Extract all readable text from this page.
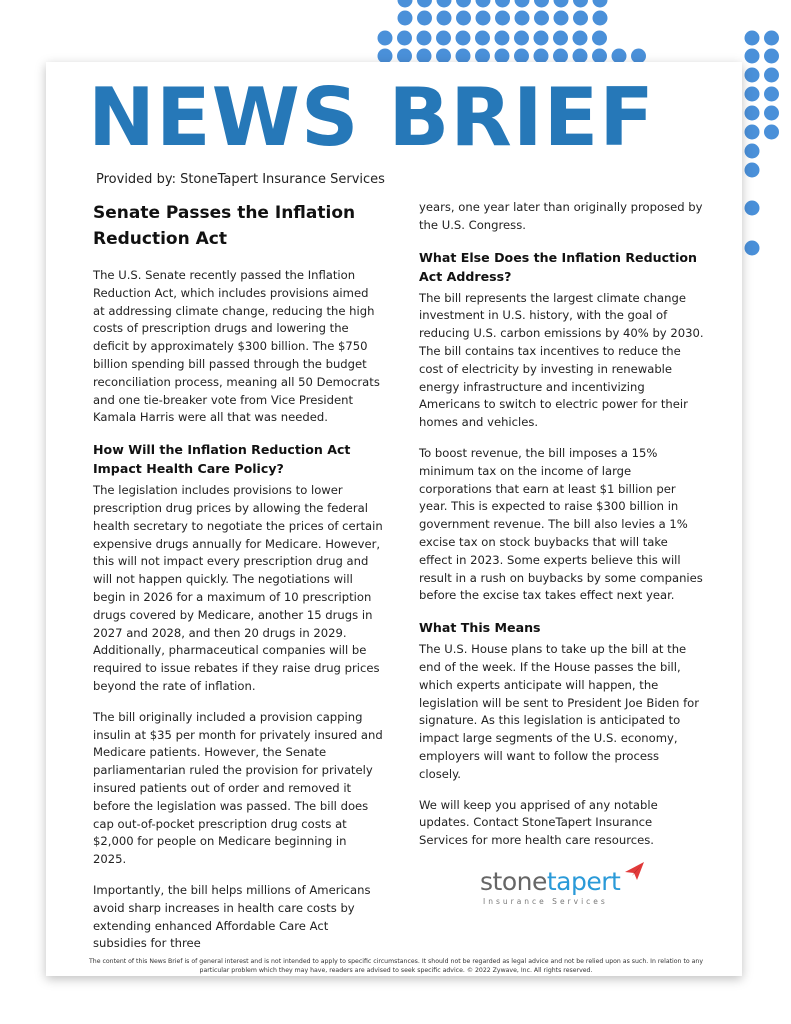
NEWS BRIEF
Provided by: StoneTapert Insurance Services
Senate Passes the Inflation Reduction Act

The U.S. Senate recently passed the Inflation Reduction Act, which includes provisions aimed at addressing climate change, reducing the high costs of prescription drugs and lowering the deficit by approximately $300 billion. The $750 billion spending bill passed through the budget reconciliation process, meaning all 50 Democrats and one tie-breaker vote from Vice President Kamala Harris were all that was needed.

How Will the Inflation Reduction Act Impact Health Care Policy?

The legislation includes provisions to lower prescription drug prices by allowing the federal health secretary to negotiate the prices of certain expensive drugs annually for Medicare. However, this will not impact every prescription drug and will not happen quickly. The negotiations will begin in 2026 for a maximum of 10 prescription drugs covered by Medicare, another 15 drugs in 2027 and 2028, and then 20 drugs in 2029. Additionally, pharmaceutical companies will be required to issue rebates if they raise drug prices beyond the rate of inflation.

The bill originally included a provision capping insulin at $35 per month for privately insured and Medicare patients. However, the Senate parliamentarian ruled the provision for privately insured patients out of order and removed it before the legislation was passed. The bill does cap out-of-pocket prescription drug costs at $2,000 for people on Medicare beginning in 2025.

Importantly, the bill helps millions of Americans avoid sharp increases in health care costs by extending enhanced Affordable Care Act subsidies for three

years, one year later than originally proposed by the U.S. Congress.

What Else Does the Inflation Reduction Act Address?

The bill represents the largest climate change investment in U.S. history, with the goal of reducing U.S. carbon emissions by 40% by 2030. The bill contains tax incentives to reduce the cost of electricity by investing in renewable energy infrastructure and incentivizing Americans to switch to electric power for their homes and vehicles.

To boost revenue, the bill imposes a 15% minimum tax on the income of large corporations that earn at least $1 billion per year. This is expected to raise $300 billion in government revenue. The bill also levies a 1% excise tax on stock buybacks that will take effect in 2023. Some experts believe this will result in a rush on buybacks by some companies before the excise tax takes effect next year.

What This Means

The U.S. House plans to take up the bill at the end of the week. If the House passes the bill, which experts anticipate will happen, the legislation will be sent to President Joe Biden for signature. As this legislation is anticipated to impact large segments of the U.S. economy, employers will want to follow the process closely.

We will keep you apprised of any notable updates. Contact StoneTapert Insurance Services for more health care resources.

stonetapert
Insurance Services
The content of this News Brief is of general interest and is not intended to apply to specific circumstances. It should not be regarded as legal advice and not be relied upon as such. In relation to any particular problem which they may have, readers are advised to seek specific advice. © 2022 Zywave, Inc. All rights reserved.
